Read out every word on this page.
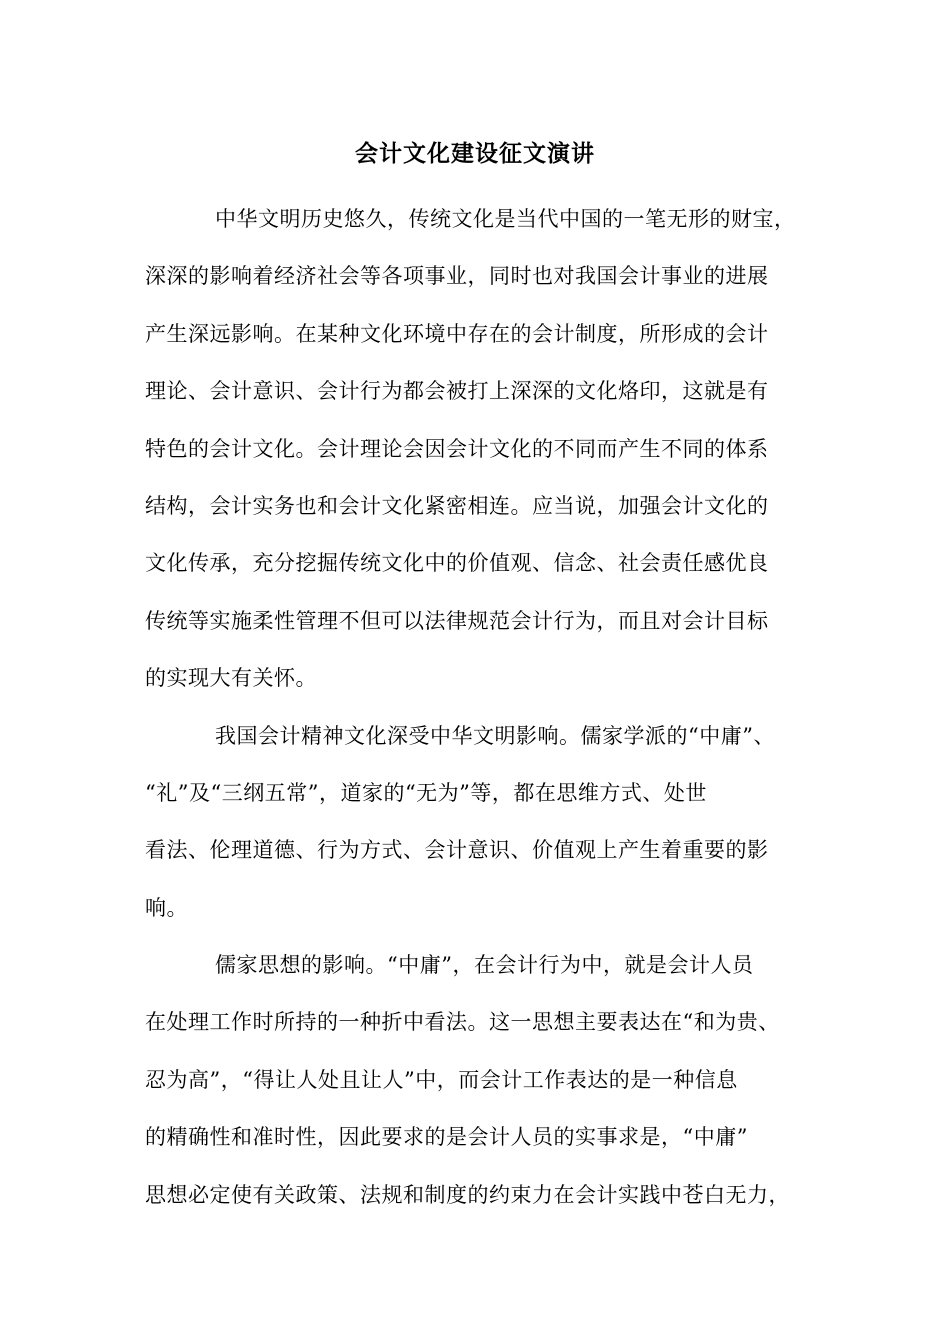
会计文化建设征文演讲
中华文明历史悠久，传统文化是当代中国的一笔无形的财宝，
深深的影响着经济社会等各项事业，同时也对我国会计事业的进展
产生深远影响。在某种文化环境中存在的会计制度，所形成的会计
理论、会计意识、会计行为都会被打上深深的文化烙印，这就是有
特色的会计文化。会计理论会因会计文化的不同而产生不同的体系
结构，会计实务也和会计文化紧密相连。应当说，加强会计文化的
文化传承，充分挖掘传统文化中的价值观、信念、社会责任感优良
传统等实施柔性管理不但可以法律规范会计行为，而且对会计目标
的实现大有关怀。
我国会计精神文化深受中华文明影响。儒家学派的“中庸”、
“礼”及“三纲五常”，道家的“无为”等，都在思维方式、处世
看法、伦理道德、行为方式、会计意识、价值观上产生着重要的影
响。
儒家思想的影响。“中庸”，在会计行为中，就是会计人员
在处理工作时所持的一种折中看法。这一思想主要表达在“和为贵、
忍为高”，“得让人处且让人”中，而会计工作表达的是一种信息
的精确性和准时性，因此要求的是会计人员的实事求是，“中庸”
思想必定使有关政策、法规和制度的约束力在会计实践中苍白无力，
